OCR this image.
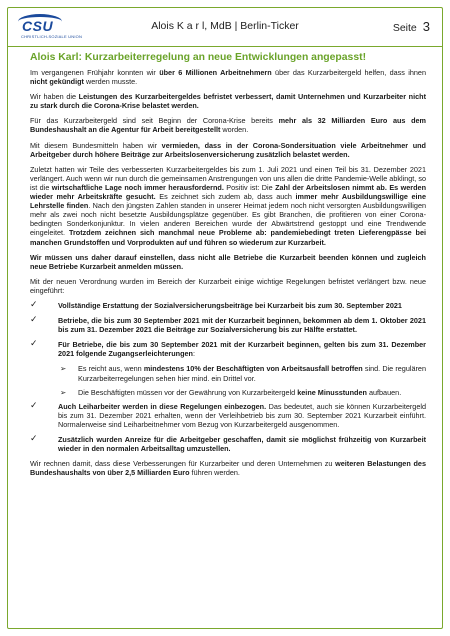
CSU
CHRISTLICH-SOZIALE UNION
Alois K a r l, MdB | Berlin-Ticker	Seite 3
Alois Karl: Kurzarbeiterregelung an neue Entwicklungen angepasst!

Im vergangenen Frühjahr konnten wir über 6 Millionen Arbeitnehmern über das Kurzarbeitergeld helfen, dass ihnen nicht gekündigt werden musste.

Wir haben die Leistungen des Kurzarbeitergeldes befristet verbessert, damit Unternehmen und Kurzarbeiter nicht zu stark durch die Corona-Krise belastet werden.

Für das Kurzarbeitergeld sind seit Beginn der Corona-Krise bereits mehr als 32 Milliarden Euro aus dem Bundeshaushalt an die Agentur für Arbeit bereitgestellt worden.

Mit diesem Bundesmitteln haben wir vermieden, dass in der Corona-Sondersituation viele Arbeitnehmer und Arbeitgeber durch höhere Beiträge zur Arbeitslosenversicherung zusätzlich belastet werden.

Zuletzt hatten wir Teile des verbesserten Kurzarbeitergeldes bis zum 1. Juli 2021 und einen Teil bis 31. Dezember 2021 verlängert. Auch wenn wir nun durch die gemeinsamen Anstrengungen von uns allen die dritte Pandemie-Welle abklingt, so ist die wirtschaftliche Lage noch immer herausfordernd. Positiv ist: Die Zahl der Arbeitslosen nimmt ab. Es werden wieder mehr Arbeitskräfte gesucht. Es zeichnet sich zudem ab, dass auch immer mehr Ausbildungswillige eine Lehrstelle finden. Nach den jüngsten Zahlen standen in unserer Heimat jedem noch nicht versorgten Ausbildungswilligen mehr als zwei noch nicht besetzte Ausbildungsplätze gegenüber. Es gibt Branchen, die profitieren von einer Corona-bedingten Sonderkonjunktur. In vielen anderen Bereichen wurde der Abwärtstrend gestoppt und eine Trendwende eingeleitet. Trotzdem zeichnen sich manchmal neue Probleme ab: pandemiebedingt treten Lieferengpässe bei manchen Grundstoffen und Vorprodukten auf und führen so wiederum zur Kurzarbeit.

Wir müssen uns daher darauf einstellen, dass nicht alle Betriebe die Kurzarbeit beenden können und zugleich neue Betriebe Kurzarbeit anmelden müssen.

Mit der neuen Verordnung wurden im Bereich der Kurzarbeit einige wichtige Regelungen befristet verlängert bzw. neue eingeführt:

✓	Vollständige Erstattung der Sozialversicherungsbeiträge bei Kurzarbeit bis zum 30. September 2021
✓	Betriebe, die bis zum 30 September 2021 mit der Kurzarbeit beginnen, bekommen ab dem 1. Oktober 2021 bis zum 31. Dezember 2021 die Beiträge zur Sozialversicherung bis zur Hälfte erstattet.
✓	Für Betriebe, die bis zum 30 September 2021 mit der Kurzarbeit beginnen, gelten bis zum 31. Dezember 2021 folgende Zugangserleichterungen:
➢ Es reicht aus, wenn mindestens 10% der Beschäftigten von Arbeitsausfall betroffen sind. Die regulären Kurzarbeiterregelungen sehen hier mind. ein Drittel vor.
➢ Die Beschäftigten müssen vor der Gewährung von Kurzarbeitergeld keine Minusstunden aufbauen.
✓	Auch Leiharbeiter werden in diese Regelungen einbezogen. Das bedeutet, auch sie können Kurzarbeitergeld bis zum 31. Dezember 2021 erhalten, wenn der Verleihbetrieb bis zum 30. September 2021 Kurzarbeit einführt. Normalerweise sind Leiharbeitnehmer vom Bezug von Kurzarbeitergeld ausgenommen.
✓	Zusätzlich wurden Anreize für die Arbeitgeber geschaffen, damit sie möglichst frühzeitig von Kurzarbeit wieder in den normalen Arbeitsalltag umzustellen.

Wir rechnen damit, dass diese Verbesserungen für Kurzarbeiter und deren Unternehmen zu weiteren Belastungen des Bundeshaushalts von über 2,5 Milliarden Euro führen werden.
